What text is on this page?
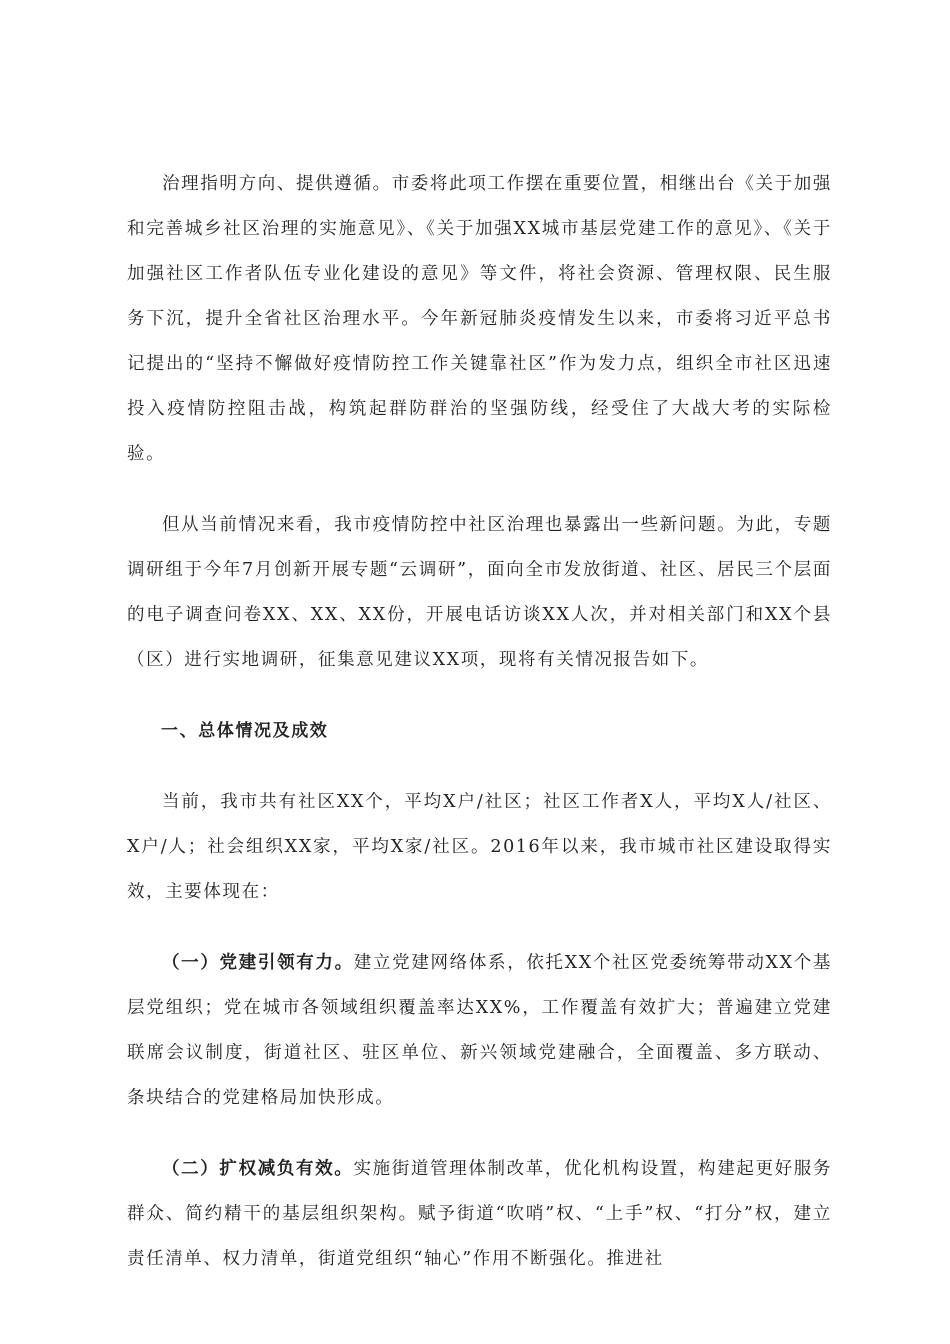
治理指明方向、提供遵循。市委将此项工作摆在重要位置，相继出台《关于加强和完善城乡社区治理的实施意见》、《关于加强XX城市基层党建工作的意见》、《关于加强社区工作者队伍专业化建设的意见》等文件，将社会资源、管理权限、民生服务下沉，提升全省社区治理水平。今年新冠肺炎疫情发生以来，市委将习近平总书记提出的“坚持不懈做好疫情防控工作关键靠社区”作为发力点，组织全市社区迅速投入疫情防控阻击战，构筑起群防群治的坚强防线，经受住了大战大考的实际检验。

但从当前情况来看，我市疫情防控中社区治理也暴露出一些新问题。为此，专题调研组于今年7月创新开展专题“云调研”，面向全市发放街道、社区、居民三个层面的电子调查问卷XX、XX、XX份，开展电话访谈XX人次，并对相关部门和XX个县（区）进行实地调研，征集意见建议XX项，现将有关情况报告如下。

一、总体情况及成效

当前，我市共有社区XX个，平均X户/社区；社区工作者X人，平均X人/社区、X户/人；社会组织XX家，平均X家/社区。2016年以来，我市城市社区建设取得实效，主要体现在：

（一）党建引领有力。建立党建网络体系，依托XX个社区党委统筹带动XX个基层党组织；党在城市各领域组织覆盖率达XX%，工作覆盖有效扩大；普遍建立党建联席会议制度，街道社区、驻区单位、新兴领域党建融合，全面覆盖、多方联动、条块结合的党建格局加快形成。

（二）扩权减负有效。实施街道管理体制改革，优化机构设置，构建起更好服务群众、简约精干的基层组织架构。赋予街道“吹哨”权、“上手”权、“打分”权，建立责任清单、权力清单，街道党组织“轴心”作用不断强化。推进社
